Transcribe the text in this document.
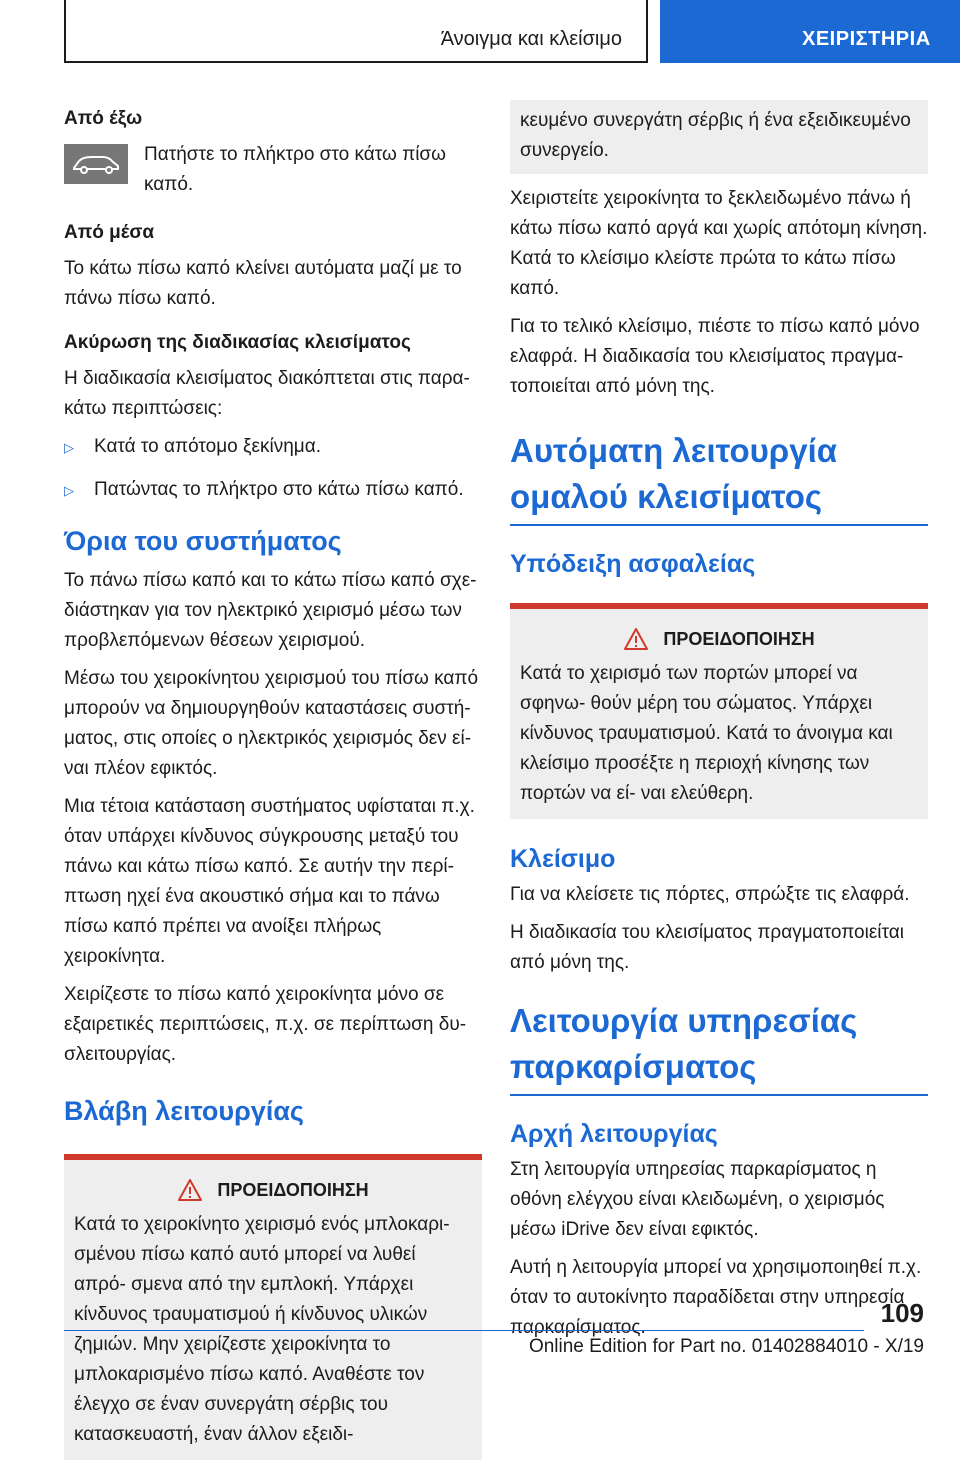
Άνοιγμα και κλείσιμο	ΧΕΙΡΙΣΤΗΡΙΑ
Από έξω

Πατήστε το πλήκτρο στο κάτω πίσω καπό.

Από μέσα

Το κάτω πίσω καπό κλείνει αυτόματα μαζί με το πάνω πίσω καπό.

Ακύρωση της διαδικασίας κλεισίματος

Η διαδικασία κλεισίματος διακόπτεται στις παρα- κάτω περιπτώσεις:

▷	Κατά το απότομο ξεκίνημα.
▷	Πατώντας το πλήκτρο στο κάτω πίσω καπό.
Όρια του συστήματος

Το πάνω πίσω καπό και το κάτω πίσω καπό σχε- διάστηκαν για τον ηλεκτρικό χειρισμό μέσω των προβλεπόμενων θέσεων χειρισμού.

Μέσω του χειροκίνητου χειρισμού του πίσω καπό μπορούν να δημιουργηθούν καταστάσεις συστή- ματος, στις οποίες ο ηλεκτρικός χειρισμός δεν εί- ναι πλέον εφικτός.

Μια τέτοια κατάσταση συστήματος υφίσταται π.χ. όταν υπάρχει κίνδυνος σύγκρουσης μεταξύ του πάνω και κάτω πίσω καπό. Σε αυτήν την περί- πτωση ηχεί ένα ακουστικό σήμα και το πάνω πίσω καπό πρέπει να ανοίξει πλήρως χειροκίνητα.

Χειρίζεστε το πίσω καπό χειροκίνητα μόνο σε εξαιρετικές περιπτώσεις, π.χ. σε περίπτωση δυ- σλειτουργίας.

Βλάβη λειτουργίας
ΠΡΟΕΙΔΟΠΟΙΗΣΗ

Κατά το χειροκίνητο χειρισμό ενός μπλοκαρι- σμένου πίσω καπό αυτό μπορεί να λυθεί απρό- σμενα από την εμπλοκή. Υπάρχει κίνδυνος τραυματισμού ή κίνδυνος υλικών ζημιών. Μην χειρίζεστε χειροκίνητα το μπλοκαρισμένο πίσω καπό. Αναθέστε τον έλεγχο σε έναν συνεργάτη σέρβις του κατασκευαστή, έναν άλλον εξειδι-

κευμένο συνεργάτη σέρβις ή ένα εξειδικευμένο συνεργείο.

Χειριστείτε χειροκίνητα το ξεκλειδωμένο πάνω ή κάτω πίσω καπό αργά και χωρίς απότομη κίνηση. Κατά το κλείσιμο κλείστε πρώτα το κάτω πίσω καπό.

Για το τελικό κλείσιμο, πιέστε το πίσω καπό μόνο ελαφρά. Η διαδικασία του κλεισίματος πραγμα- τοποιείται από μόνη της.

Αυτόματη λειτουργία ομαλού κλεισίματος
Υπόδειξη ασφαλείας
ΠΡΟΕΙΔΟΠΟΙΗΣΗ

Κατά το χειρισμό των πορτών μπορεί να σφηνω- θούν μέρη του σώματος. Υπάρχει κίνδυνος τραυματισμού. Κατά το άνοιγμα και κλείσιμο προσέξτε η περιοχή κίνησης των πορτών να εί- ναι ελεύθερη.

Κλείσιμο

Για να κλείσετε τις πόρτες, σπρώξτε τις ελαφρά.

Η διαδικασία του κλεισίματος πραγματοποιείται από μόνη της.

Λειτουργία υπηρεσίας παρκαρίσματος
Αρχή λειτουργίας

Στη λειτουργία υπηρεσίας παρκαρίσματος η οθόνη ελέγχου είναι κλειδωμένη, ο χειρισμός μέσω iDrive δεν είναι εφικτός.

Αυτή η λειτουργία μπορεί να χρησιμοποιηθεί π.χ. όταν το αυτοκίνητο παραδίδεται στην υπηρεσία παρκαρίσματος.	109
Online Edition for Part no. 01402884010 - X/19
